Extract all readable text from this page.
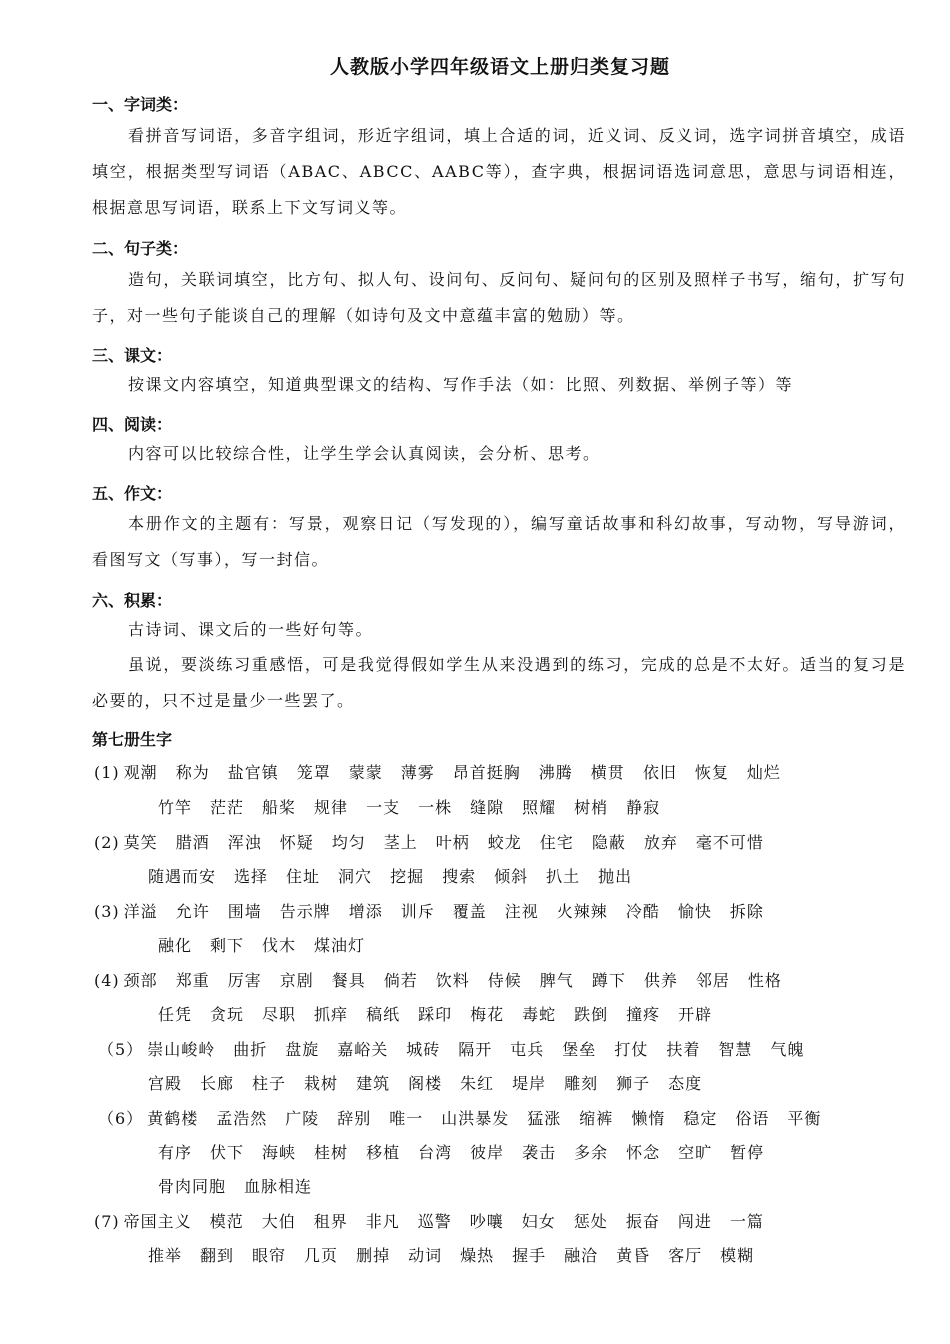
人教版小学四年级语文上册归类复习题
一、字词类：
看拼音写词语，多音字组词，形近字组词，填上合适的词，近义词、反义词，选字词拼音填空，成语填空，根据类型写词语（ABAC、ABCC、AABC等），查字典，根据词语选词意思，意思与词语相连，根据意思写词语，联系上下文写词义等。
二、句子类：
造句，关联词填空，比方句、拟人句、设问句、反问句、疑问句的区别及照样子书写，缩句，扩写句子，对一些句子能谈自己的理解（如诗句及文中意蕴丰富的勉励）等。
三、课文：
按课文内容填空，知道典型课文的结构、写作手法（如：比照、列数据、举例子等）等
四、阅读：
内容可以比较综合性，让学生学会认真阅读，会分析、思考。
五、作文：
本册作文的主题有：写景，观察日记（写发现的），编写童话故事和科幻故事，写动物，写导游词，看图写文（写事），写一封信。
六、积累：
古诗词、课文后的一些好句等。
虽说，要淡练习重感悟，可是我觉得假如学生从来没遇到的练习，完成的总是不太好。适当的复习是必要的，只不过是量少一些罢了。
第七册生字
(1) 观潮 称为 盐官镇 笼罩 蒙蒙 薄雾 昂首挺胸 沸腾 横贯 依旧 恢复 灿烂
竹竿 茫茫 船桨 规律 一支 一株 缝隙 照耀 树梢 静寂
(2) 莫笑 腊酒 浑浊 怀疑 均匀 茎上 叶柄 蛟龙 住宅 隐蔽 放弃 毫不可惜
随遇而安 选择 住址 洞穴 挖掘 搜索 倾斜 扒土 抛出
(3) 洋溢 允许 围墙 告示牌 增添 训斥 覆盖 注视 火辣辣 冷酷 愉快 拆除
融化 剩下 伐木 煤油灯
(4) 颈部 郑重 厉害 京剧 餐具 倘若 饮料 侍候 脾气 蹲下 供养 邻居 性格
任凭 贪玩 尽职 抓痒 稿纸 踩印 梅花 毒蛇 跌倒 撞疼 开辟
（5） 崇山峻岭 曲折 盘旋 嘉峪关 城砖 隔开 屯兵 堡垒 打仗 扶着 智慧 气魄
宫殿 长廊 柱子 栽树 建筑 阁楼 朱红 堤岸 雕刻 狮子 态度
（6） 黄鹤楼 孟浩然 广陵 辞别 唯一 山洪暴发 猛涨 缩裤 懒惰 稳定 俗语 平衡
有序 伏下 海峡 桂树 移植 台湾 彼岸 袭击 多余 怀念 空旷 暂停
骨肉同胞 血脉相连
(7) 帝国主义 模范 大伯 租界 非凡 巡警 吵嚷 妇女 惩处 振奋 闯进 一篇
推举 翻到 眼帘 几页 删掉 动词 燥热 握手 融洽 黄昏 客厅 模糊
